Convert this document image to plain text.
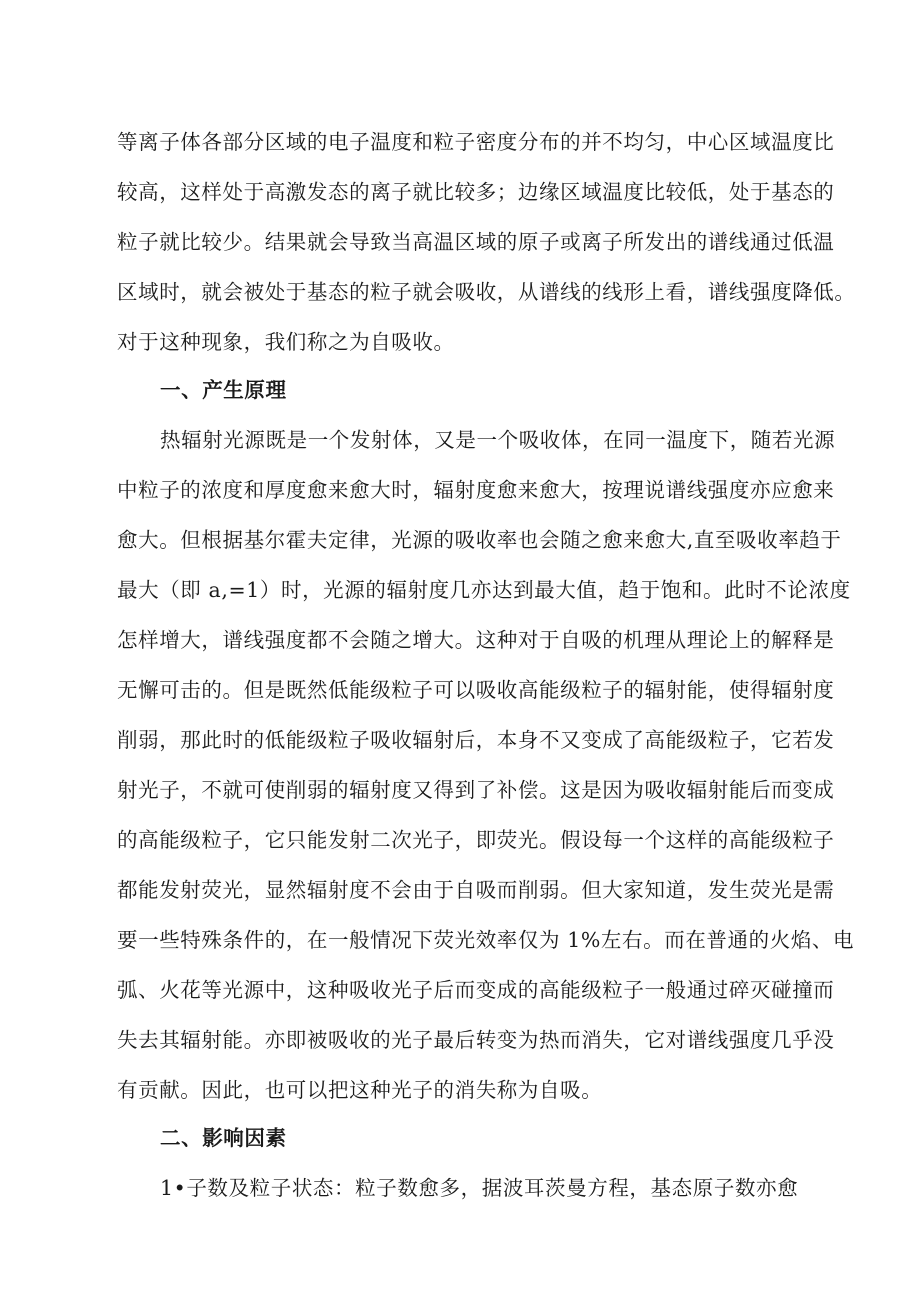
等离子体各部分区域的电子温度和粒子密度分布的并不均匀，中心区域温度比
较高，这样处于高激发态的离子就比较多；边缘区域温度比较低，处于基态的
粒子就比较少。结果就会导致当高温区域的原子或离子所发出的谱线通过低温
区域时，就会被处于基态的粒子就会吸收，从谱线的线形上看，谱线强度降低。
对于这种现象，我们称之为自吸收。
一、产生原理
热辐射光源既是一个发射体，又是一个吸收体，在同一温度下，随若光源
中粒子的浓度和厚度愈来愈大时，辐射度愈来愈大，按理说谱线强度亦应愈来
愈大。但根据基尔霍夫定律，光源的吸收率也会随之愈来愈大,直至吸收率趋于
最大（即 a,=1）时，光源的辐射度几亦达到最大值，趋于饱和。此时不论浓度
怎样增大，谱线强度都不会随之增大。这种对于自吸的机理从理论上的解释是
无懈可击的。但是既然低能级粒子可以吸收高能级粒子的辐射能，使得辐射度
削弱，那此时的低能级粒子吸收辐射后，本身不又变成了高能级粒子，它若发
射光子，不就可使削弱的辐射度又得到了补偿。这是因为吸收辐射能后而变成
的高能级粒子，它只能发射二次光子，即荧光。假设每一个这样的高能级粒子
都能发射荧光，显然辐射度不会由于自吸而削弱。但大家知道，发生荧光是需
要一些特殊条件的，在一般情况下荧光效率仅为 1%左右。而在普通的火焰、电
弧、火花等光源中，这种吸收光子后而变成的高能级粒子一般通过碎灭碰撞而
失去其辐射能。亦即被吸收的光子最后转变为热而消失，它对谱线强度几乎没
有贡献。因此，也可以把这种光子的消失称为自吸。
二、影响因素
1•子数及粒子状态：粒子数愈多，据波耳茨曼方程，基态原子数亦愈
